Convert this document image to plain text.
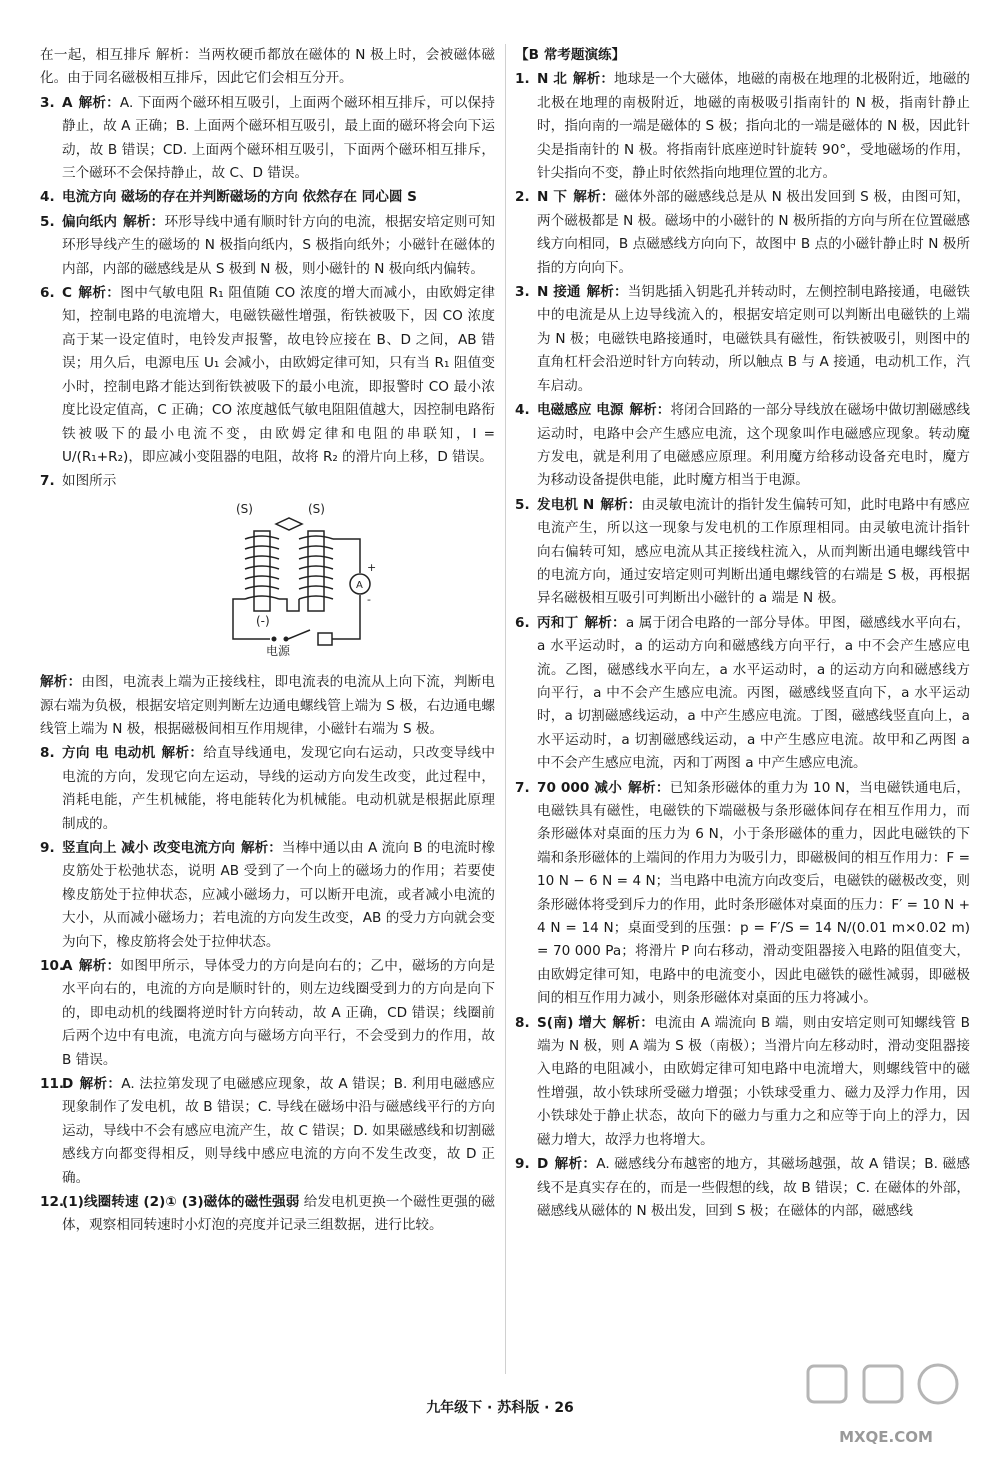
在一起，相互排斥 解析：当两枚硬币都放在磁体的 N 极上时，会被磁体磁化。由于同名磁极相互排斥，因此它们会相互分开。
3. A 解析：A. 下面两个磁环相互吸引，上面两个磁环相互排斥，可以保持静止，故 A 正确；B. 上面两个磁环相互吸引，最上面的磁环将会向下运动，故 B 错误；CD. 上面两个磁环相互吸引，下面两个磁环相互排斥，三个磁环不会保持静止，故 C、D 错误。
4. 电流方向 磁场的存在并判断磁场的方向 依然存在 同心圆 S
5. 偏向纸内 解析：环形导线中通有顺时针方向的电流，根据安培定则可知环形导线产生的磁场的 N 极指向纸内，S 极指向纸外；小磁针在磁体的内部，内部的磁感线是从 S 极到 N 极，则小磁针的 N 极向纸内偏转。
6. C 解析：图中气敏电阻 R₁ 阻值随 CO 浓度的增大而减小，由欧姆定律知，控制电路的电流增大，电磁铁磁性增强，衔铁被吸下，因 CO 浓度高于某一设定值时，电铃发声报警，故电铃应接在 B、D 之间，AB 错误；用久后，电源电压 U₁ 会减小，由欧姆定律可知，只有当 R₁ 阻值变小时，控制电路才能达到衔铁被吸下的最小电流，即报警时 CO 最小浓度比设定值高，C 正确；CO 浓度越低气敏电阻阻值越大，因控制电路衔铁被吸下的最小电流不变，由欧姆定律和电阻的串联知，I = U/(R₁+R₂)，即应减小变阻器的电阻，故将 R₂ 的滑片向上移，D 错误。
7. 如图所示
(S)	(S)
(-)
电源
A
+
-
解析：由图，电流表上端为正接线柱，即电流表的电流从上向下流，判断电源右端为负极，根据安培定则判断左边通电螺线管上端为 S 极，右边通电螺线管上端为 N 极，根据磁极间相互作用规律，小磁针右端为 S 极。
8. 方向 电 电动机 解析：给直导线通电，发现它向右运动，只改变导线中电流的方向，发现它向左运动，导线的运动方向发生改变，此过程中，消耗电能，产生机械能，将电能转化为机械能。电动机就是根据此原理制成的。
9. 竖直向上 减小 改变电流方向 解析：当棒中通以由 A 流向 B 的电流时橡皮筋处于松弛状态，说明 AB 受到了一个向上的磁场力的作用；若要使橡皮筋处于拉伸状态，应减小磁场力，可以断开电流，或者减小电流的大小，从而减小磁场力；若电流的方向发生改变，AB 的受力方向就会变为向下，橡皮筋将会处于拉伸状态。
10.
A 解析：如图甲所示，导体受力的方向是向右的；乙中，磁场的方向是水平向右的，电流的方向是顺时针的，则左边线圈受到力的方向是向下的，即电动机的线圈将逆时针方向转动，故 A 正确，CD 错误；线圈前后两个边中有电流，电流方向与磁场方向平行，不会受到力的作用，故 B 错误。
11.
D 解析：A. 法拉第发现了电磁感应现象，故 A 错误；B. 利用电磁感应现象制作了发电机，故 B 错误；C. 导线在磁场中沿与磁感线平行的方向运动，导线中不会有感应电流产生，故 C 错误；D. 如果磁感线和切割磁感线方向都变得相反，则导线中感应电流的方向不发生改变，故 D 正确。
12.
(1)线圈转速 (2)① (3)磁体的磁性强弱 给发电机更换一个磁性更强的磁体，观察相同转速时小灯泡的亮度并记录三组数据，进行比较。
【B 常考题演练】
1. N 北 解析：地球是一个大磁体，地磁的南极在地理的北极附近，地磁的北极在地理的南极附近，地磁的南极吸引指南针的 N 极，指南针静止时，指向南的一端是磁体的 S 极；指向北的一端是磁体的 N 极，因此针尖是指南针的 N 极。将指南针底座逆时针旋转 90°，受地磁场的作用，针尖指向不变，静止时依然指向地理位置的北方。
2. N 下 解析：磁体外部的磁感线总是从 N 极出发回到 S 极，由图可知，两个磁极都是 N 极。磁场中的小磁针的 N 极所指的方向与所在位置磁感线方向相同，B 点磁感线方向向下，故图中 B 点的小磁针静止时 N 极所指的方向向下。
3. N 接通 解析：当钥匙插入钥匙孔并转动时，左侧控制电路接通，电磁铁中的电流是从上边导线流入的，根据安培定则可以判断出电磁铁的上端为 N 极；电磁铁电路接通时，电磁铁具有磁性，衔铁被吸引，则图中的直角杠杆会沿逆时针方向转动，所以触点 B 与 A 接通，电动机工作，汽车启动。
4. 电磁感应 电源 解析：将闭合回路的一部分导线放在磁场中做切割磁感线运动时，电路中会产生感应电流，这个现象叫作电磁感应现象。转动魔方发电，就是利用了电磁感应原理。利用魔方给移动设备充电时，魔方为移动设备提供电能，此时魔方相当于电源。
5. 发电机 N 解析：由灵敏电流计的指针发生偏转可知，此时电路中有感应电流产生，所以这一现象与发电机的工作原理相同。由灵敏电流计指针向右偏转可知，感应电流从其正接线柱流入，从而判断出通电螺线管中的电流方向，通过安培定则可判断出通电螺线管的右端是 S 极，再根据异名磁极相互吸引可判断出小磁针的 a 端是 N 极。
6. 丙和丁 解析：a 属于闭合电路的一部分导体。甲图，磁感线水平向右，a 水平运动时，a 的运动方向和磁感线方向平行，a 中不会产生感应电流。乙图，磁感线水平向左，a 水平运动时，a 的运动方向和磁感线方向平行，a 中不会产生感应电流。丙图，磁感线竖直向下，a 水平运动时，a 切割磁感线运动，a 中产生感应电流。丁图，磁感线竖直向上，a 水平运动时，a 切割磁感线运动，a 中产生感应电流。故甲和乙两图 a 中不会产生感应电流，丙和丁两图 a 中产生感应电流。
7. 70 000 减小 解析：已知条形磁体的重力为 10 N，当电磁铁通电后，电磁铁具有磁性，电磁铁的下端磁极与条形磁体间存在相互作用力，而条形磁体对桌面的压力为 6 N，小于条形磁体的重力，因此电磁铁的下端和条形磁体的上端间的作用力为吸引力，即磁极间的相互作用力：F = 10 N − 6 N = 4 N；当电路中电流方向改变后，电磁铁的磁极改变，则条形磁体将受到斥力的作用，此时条形磁体对桌面的压力：F′ = 10 N + 4 N = 14 N；桌面受到的压强：p = F′/S = 14 N/(0.01 m×0.02 m) = 70 000 Pa；将滑片 P 向右移动，滑动变阻器接入电路的阻值变大，由欧姆定律可知，电路中的电流变小，因此电磁铁的磁性减弱，即磁极间的相互作用力减小，则条形磁体对桌面的压力将减小。
8. S(南) 增大 解析：电流由 A 端流向 B 端，则由安培定则可知螺线管 B 端为 N 极，则 A 端为 S 极（南极）；当滑片向左移动时，滑动变阻器接入电路的电阻减小，由欧姆定律可知电路中电流增大，则螺线管中的磁性增强，故小铁球所受磁力增强；小铁球受重力、磁力及浮力作用，因小铁球处于静止状态，故向下的磁力与重力之和应等于向上的浮力，因磁力增大，故浮力也将增大。
9. D 解析：A. 磁感线分布越密的地方，其磁场越强，故 A 错误；B. 磁感线不是真实存在的，而是一些假想的线，故 B 错误；C. 在磁体的外部，磁感线从磁体的 N 极出发，回到 S 极；在磁体的内部，磁感线
九年级下 · 苏科版 · 26
MXQE.COM
